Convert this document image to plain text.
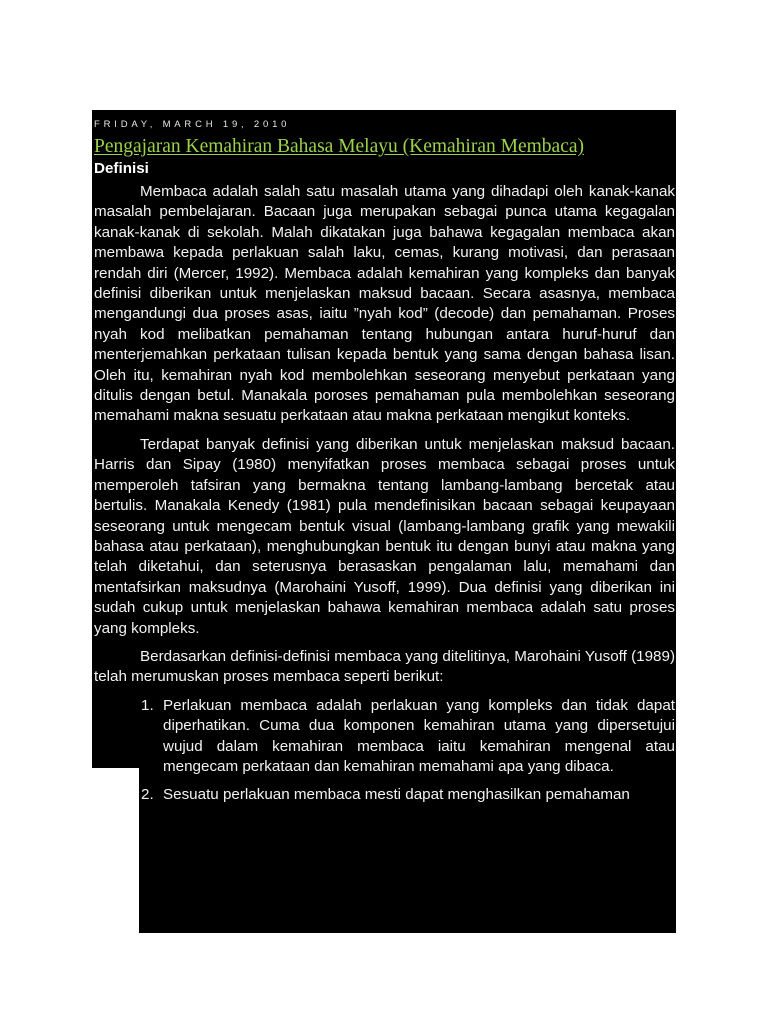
FRIDAY, MARCH 19, 2010
Pengajaran Kemahiran Bahasa Melayu (Kemahiran Membaca)
Definisi

Membaca adalah salah satu masalah utama yang dihadapi oleh kanak-kanak masalah pembelajaran. Bacaan juga merupakan sebagai punca utama kegagalan kanak-kanak di sekolah. Malah dikatakan juga bahawa kegagalan membaca akan membawa kepada perlakuan salah laku, cemas, kurang motivasi, dan perasaan rendah diri (Mercer, 1992). Membaca adalah kemahiran yang kompleks dan banyak definisi diberikan untuk menjelaskan maksud bacaan. Secara asasnya, membaca mengandungi dua proses asas, iaitu ”nyah kod” (decode) dan pemahaman. Proses nyah kod melibatkan pemahaman tentang hubungan antara huruf-huruf dan menterjemahkan perkataan tulisan kepada bentuk yang sama dengan bahasa lisan. Oleh itu, kemahiran nyah kod membolehkan seseorang menyebut perkataan yang ditulis dengan betul. Manakala poroses pemahaman pula membolehkan seseorang memahami makna sesuatu perkataan atau makna perkataan mengikut konteks.

Terdapat banyak definisi yang diberikan untuk menjelaskan maksud bacaan. Harris dan Sipay (1980) menyifatkan proses membaca sebagai proses untuk memperoleh tafsiran yang bermakna tentang lambang-lambang bercetak atau bertulis. Manakala Kenedy (1981) pula mendefinisikan bacaan sebagai keupayaan seseorang untuk mengecam bentuk visual (lambang-lambang grafik yang mewakili bahasa atau perkataan), menghubungkan bentuk itu dengan bunyi atau makna yang telah diketahui, dan seterusnya berasaskan pengalaman lalu, memahami dan mentafsirkan maksudnya (Marohaini Yusoff, 1999). Dua definisi yang diberikan ini sudah cukup untuk menjelaskan bahawa kemahiran membaca adalah satu proses yang kompleks.

Berdasarkan definisi-definisi membaca yang ditelitinya, Marohaini Yusoff (1989) telah merumuskan proses membaca seperti berikut:

1. Perlakuan membaca adalah perlakuan yang kompleks dan tidak dapat diperhatikan. Cuma dua komponen kemahiran utama yang dipersetujui wujud dalam kemahiran membaca iaitu kemahiran mengenal atau mengecam perkataan dan kemahiran memahami apa yang dibaca.
2. Sesuatu perlakuan membaca mesti dapat menghasilkan pemahaman
